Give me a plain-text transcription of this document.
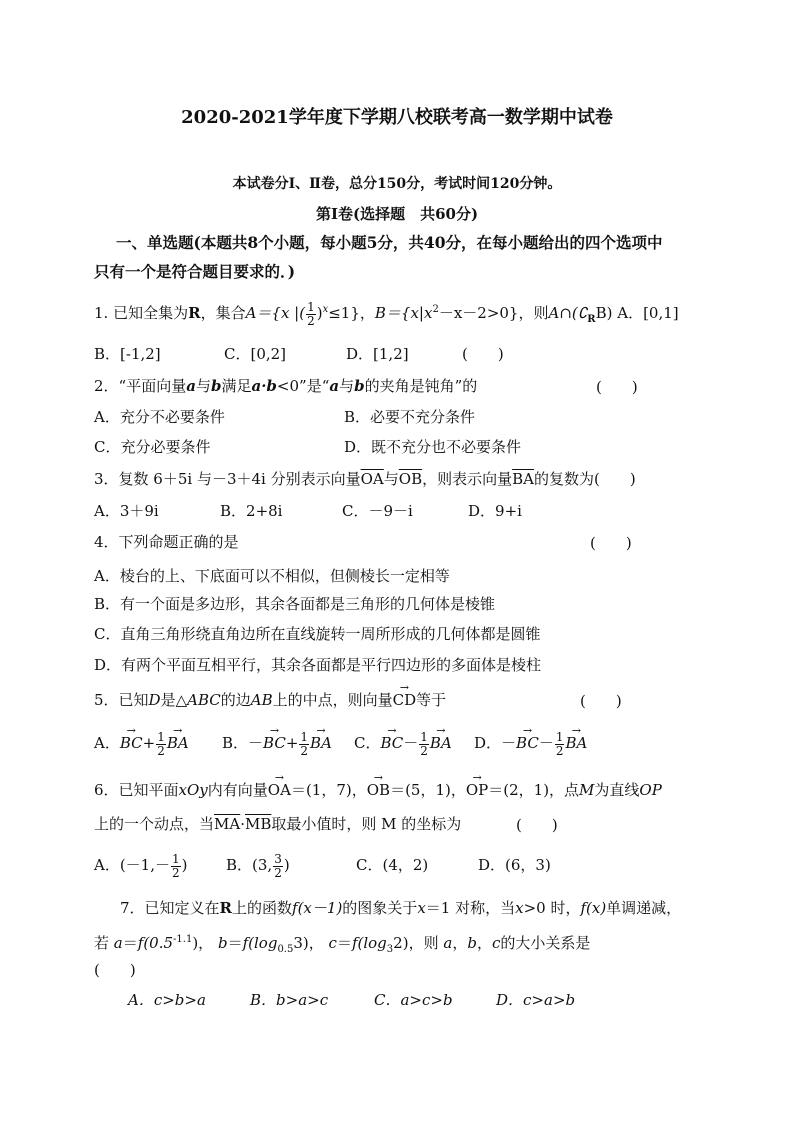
2020-2021学年度下学期八校联考高一数学期中试卷
本试卷分Ⅰ、Ⅱ卷，总分150分，考试时间120分钟。
第Ⅰ卷(选择题　共60分)
一、单选题(本题共8个小题，每小题5分，共40分，在每小题给出的四个选项中
只有一个是符合题目要求的．)
1. 已知全集为R，集合A＝{x |( $\frac{1}{2} )^x\le 1$}，$B=\{x|x^2-x-2>0\}$，则$A\cap(∁_RB)$ A．[0,1]
B．[-1,2]	C．[0,2]	D．[1,2]	(　　)
2．“平面向量a与b满足a·b<0”是“a与b的夹角是钝角”的	(　　)
A．充分不必要条件	B．必要不充分条件
C．充分必要条件	D．既不充分也不必要条件
3．复数 6＋5i 与－3＋4i 分别表示向量$\overline{OA}$与$\overline{OB}$，则表示向量$\overline{BA}$的复数为(　　)
A．3＋9i	B．2+8i	C．－9－i	D．9+i
4．下列命题正确的是	(　　)
A．棱台的上、下底面可以不相似，但侧棱长一定相等
B．有一个面是多边形，其余各面都是三角形的几何体是棱锥
C．直角三角形绕直角边所在直线旋转一周所形成的几何体都是圆锥
D．有两个平面互相平行，其余各面都是平行四边形的多面体是棱柱
5．已知D是△ABC的边AB上的中点，则向量→ CD等于	(　　)
A．→ $BC+ \frac{1}{2}$ → BA B．－→ $BC+ \frac{1}{2}$ → BA C．→ $BC- \frac{1}{2}$ → BA D．－→ $BC- \frac{1}{2}$ → BA
6．已知平面xOy内有向量→ OA＝(1，7)，→ OB＝(5，1)，→ OP＝(2，1)，点M为直线OP
上的一个动点，当$\overline{MA}\cdot\overline{MB}$取最小值时，则 M 的坐标为	(　　)
A．($-1,- \frac{1}{2}$ )	B．(3, $\frac{3}{2}$ )	C．(4，2)	D．(6，3)
7．已知定义在R上的函数f(x－1)的图象关于x＝1 对称，当x>0 时，f(x)单调递减，
若 $a=f(0.5^{-1.1})$， $b=f(\log_{0.5}3)$， $c=f(\log_32)$，则 a，b，c的大小关系是
(　　)
A．c>b>a	B．b>a>c	C．a>c>b	D．c>a>b
